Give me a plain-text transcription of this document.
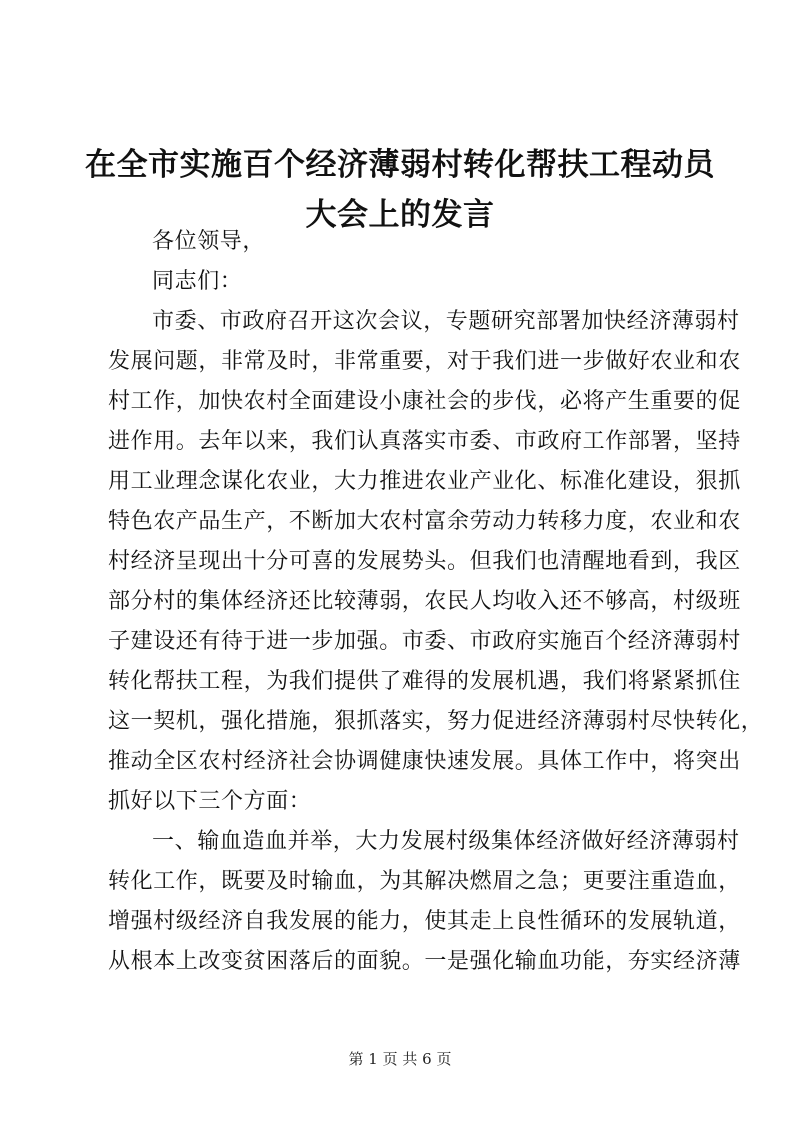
在全市实施百个经济薄弱村转化帮扶工程动员
大会上的发言
各位领导，
同志们：
市委、市政府召开这次会议，专题研究部署加快经济薄弱村
发展问题，非常及时，非常重要，对于我们进一步做好农业和农
村工作，加快农村全面建设小康社会的步伐，必将产生重要的促
进作用。去年以来，我们认真落实市委、市政府工作部署，坚持
用工业理念谋化农业，大力推进农业产业化、标准化建设，狠抓
特色农产品生产，不断加大农村富余劳动力转移力度，农业和农
村经济呈现出十分可喜的发展势头。但我们也清醒地看到，我区
部分村的集体经济还比较薄弱，农民人均收入还不够高，村级班
子建设还有待于进一步加强。市委、市政府实施百个经济薄弱村
转化帮扶工程，为我们提供了难得的发展机遇，我们将紧紧抓住
这一契机，强化措施，狠抓落实，努力促进经济薄弱村尽快转化，
推动全区农村经济社会协调健康快速发展。具体工作中，将突出
抓好以下三个方面：
一、输血造血并举，大力发展村级集体经济做好经济薄弱村
转化工作，既要及时输血，为其解决燃眉之急；更要注重造血，
增强村级经济自我发展的能力，使其走上良性循环的发展轨道，
从根本上改变贫困落后的面貌。一是强化输血功能，夯实经济薄
第 1 页 共 6 页
